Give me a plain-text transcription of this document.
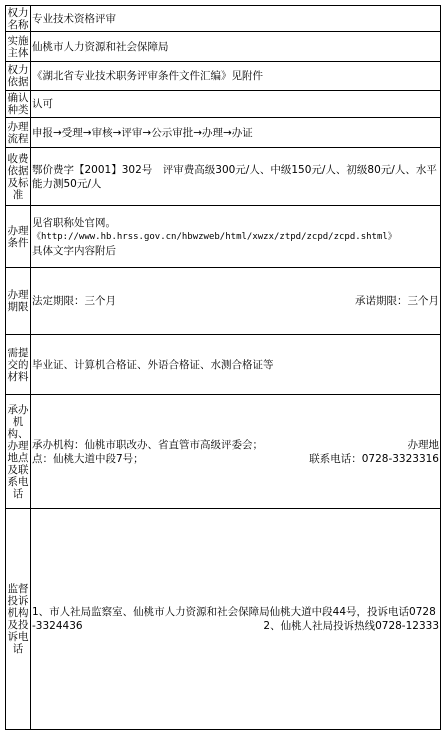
权力名称	专业技术资格评审
实施主体	仙桃市人力资源和社会保障局
权力依据	《湖北省专业技术职务评审条件文件汇编》见附件
确认种类	认可
办理流程	申报→受理→审核→评审→公示审批→办理→办证
收费依据及标准	鄂价费字【2001】302号　评审费高级300元/人、中级150元/人、初级80元/人、水平能力测50元/人
办理条件	见省职称处官网。
《http://www.hb.hrss.gov.cn/hbwzweb/html/xwzx/ztpd/zcpd/zcpd.shtml》
具体文字内容附后

办理期限	法定期限：三个月 承诺期限：三个月

需提交的材料	毕业证、计算机合格证、外语合格证、水测合格证等
承办机构、办理地点及联系电话	承办机构：仙桃市职改办、省直管市高级评委会； 办理地
点：仙桃大道中段7号； 联系电话：0728-3323316

监督投诉机构及投诉电话	1、市人社局监察室、仙桃市人力资源和社会保障局仙桃大道中段44号，投诉电话0728-3324436 2、仙桃人社局投诉热线0728-12333
